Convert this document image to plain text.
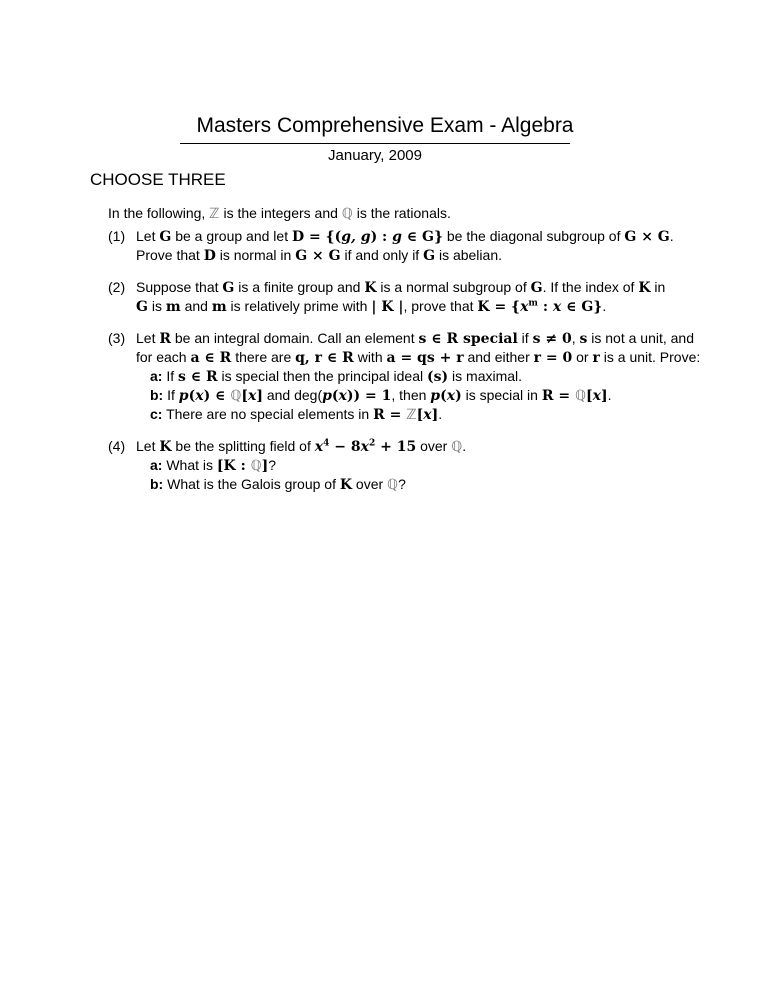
Masters Comprehensive Exam - Algebra
January, 2009
CHOOSE THREE

In the following, ℤ is the integers and ℚ is the rationals.

(1) Let G be a group and let D = {(g, g) : g ∈ G} be the diagonal subgroup of G × G.
Prove that D is normal in G × G if and only if G is abelian.
(2) Suppose that G is a finite group and K is a normal subgroup of G. If the index of K in
G is m and m is relatively prime with | K |, prove that $K = \{x^m$ : x ∈ G}.
(3) Let R be an integral domain. Call an element s ∈ R special if s ≠ 0, s is not a unit, and
for each a ∈ R there are q, r ∈ R with a = qs + r and either r = 0 or r is a unit. Prove:
a: If s ∈ R is special then the principal ideal (s) is maximal.
b: If p(x) ∈ ℚ[x] and deg(p(x)) = 1, then p(x) is special in R = ℚ[x].
c: There are no special elements in R = ℤ[x].
(4) Let K be the splitting field of $x^4 - 8x^2 + 15$ over ℚ.
a: What is [K : ℚ]?
b: What is the Galois group of K over ℚ?
